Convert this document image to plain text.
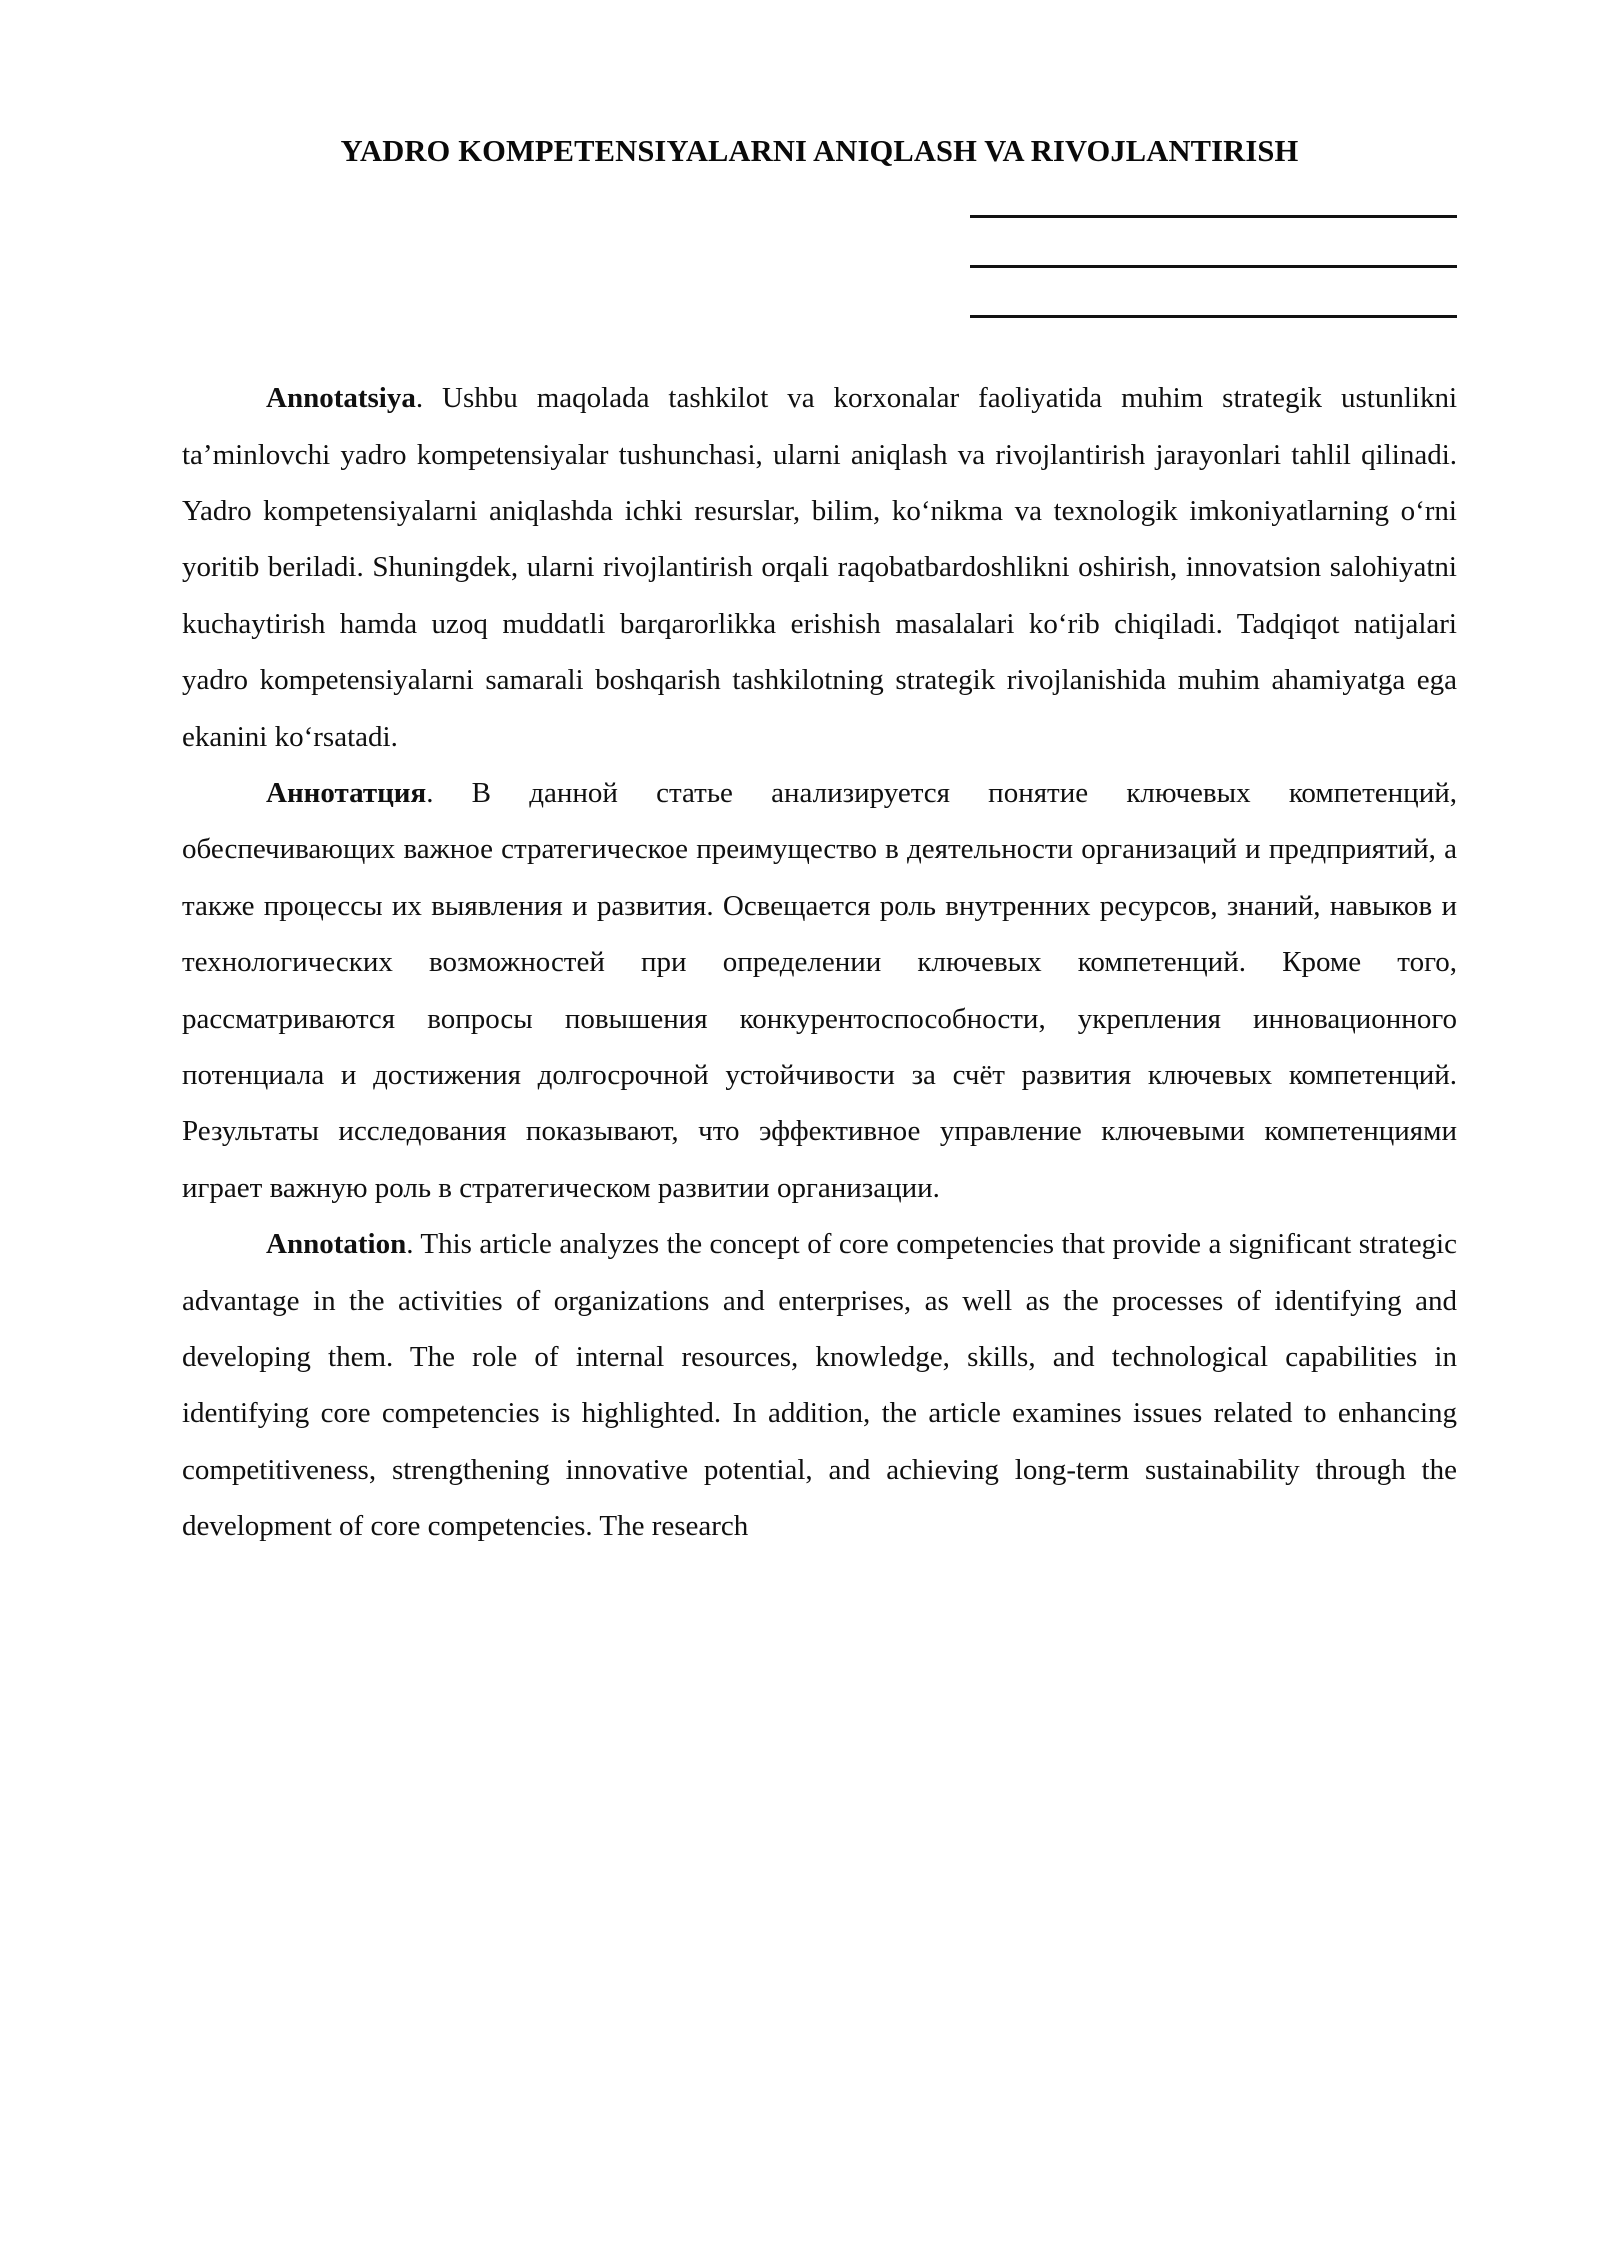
YADRO KOMPETENSIYALARNI ANIQLASH VA RIVOJLANTIRISH

Annotatsiya. Ushbu maqolada tashkilot va korxonalar faoliyatida muhim strategik ustunlikni ta’minlovchi yadro kompetensiyalar tushunchasi, ularni aniqlash va rivojlantirish jarayonlari tahlil qilinadi. Yadro kompetensiyalarni aniqlashda ichki resurslar, bilim, ko‘nikma va texnologik imkoniyatlarning o‘rni yoritib beriladi. Shuningdek, ularni rivojlantirish orqali raqobatbardoshlikni oshirish, innovatsion salohiyatni kuchaytirish hamda uzoq muddatli barqarorlikka erishish masalalari ko‘rib chiqiladi. Tadqiqot natijalari yadro kompetensiyalarni samarali boshqarish tashkilotning strategik rivojlanishida muhim ahamiyatga ega ekanini ko‘rsatadi.

Аннотатция. В данной статье анализируется понятие ключевых компетенций, обеспечивающих важное стратегическое преимущество в деятельности организаций и предприятий, а также процессы их выявления и развития. Освещается роль внутренних ресурсов, знаний, навыков и технологических возможностей при определении ключевых компетенций. Кроме того, рассматриваются вопросы повышения конкурентоспособности, укрепления инновационного потенциала и достижения долгосрочной устойчивости за счёт развития ключевых компетенций. Результаты исследования показывают, что эффективное управление ключевыми компетенциями играет важную роль в стратегическом развитии организации.

Annotation. This article analyzes the concept of core competencies that provide a significant strategic advantage in the activities of organizations and enterprises, as well as the processes of identifying and developing them. The role of internal resources, knowledge, skills, and technological capabilities in identifying core competencies is highlighted. In addition, the article examines issues related to enhancing competitiveness, strengthening innovative potential, and achieving long-term sustainability through the development of core competencies. The research
